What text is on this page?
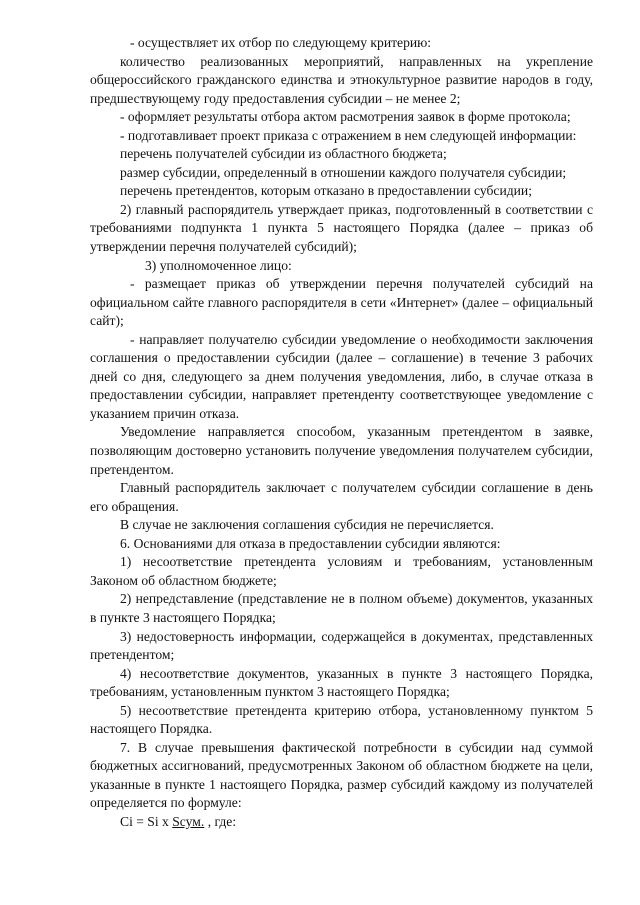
- осуществляет их отбор по следующему критерию:

количество реализованных мероприятий, направленных на укрепление общероссийского гражданского единства и этнокультурное развитие народов в году, предшествующему году предоставления субсидии – не менее 2;

- оформляет результаты отбора актом расмотрения заявок в форме протокола;

- подготавливает проект приказа с отражением в нем следующей информации:

перечень получателей субсидии из областного бюджета;

размер субсидии, определенный в отношении каждого получателя субсидии;

перечень претендентов, которым отказано в предоставлении субсидии;

2) главный распорядитель утверждает приказ, подготовленный в соответствии с требованиями подпункта 1 пункта 5 настоящего Порядка (далее – приказ об утверждении перечня получателей субсидий);

3) уполномоченное лицо:

- размещает приказ об утверждении перечня получателей субсидий на официальном сайте главного распорядителя в сети «Интернет» (далее – официальный сайт);

- направляет получателю субсидии уведомление о необходимости заключения соглашения о предоставлении субсидии (далее – соглашение) в течение 3 рабочих дней со дня, следующего за днем получения уведомления, либо, в случае отказа в предоставлении субсидии, направляет претенденту соответствующее уведомление с указанием причин отказа.

Уведомление направляется способом, указанным претендентом в заявке, позволяющим достоверно установить получение уведомления получателем субсидии, претендентом.

Главный распорядитель заключает с получателем субсидии соглашение в день его обращения.

В случае не заключения соглашения субсидия не перечисляется.

6. Основаниями для отказа в предоставлении субсидии являются:

1) несоответствие претендента условиям и требованиям, установленным Законом об областном бюджете;

2) непредставление (представление не в полном объеме) документов, указанных в пункте 3 настоящего Порядка;

3) недостоверность информации, содержащейся в документах, представленных претендентом;

4) несоответствие документов, указанных в пункте 3 настоящего Порядка, требованиям, установленным пунктом 3 настоящего Порядка;

5) несоответствие претендента критерию отбора, установленному пунктом 5 настоящего Порядка.

7. В случае превышения фактической потребности в субсидии над суммой бюджетных ассигнований, предусмотренных Законом об областном бюджете на цели, указанные в пункте 1 настоящего Порядка, размер субсидий каждому из получателей определяется по формуле:

Ci = Si x Sсум. , где:
